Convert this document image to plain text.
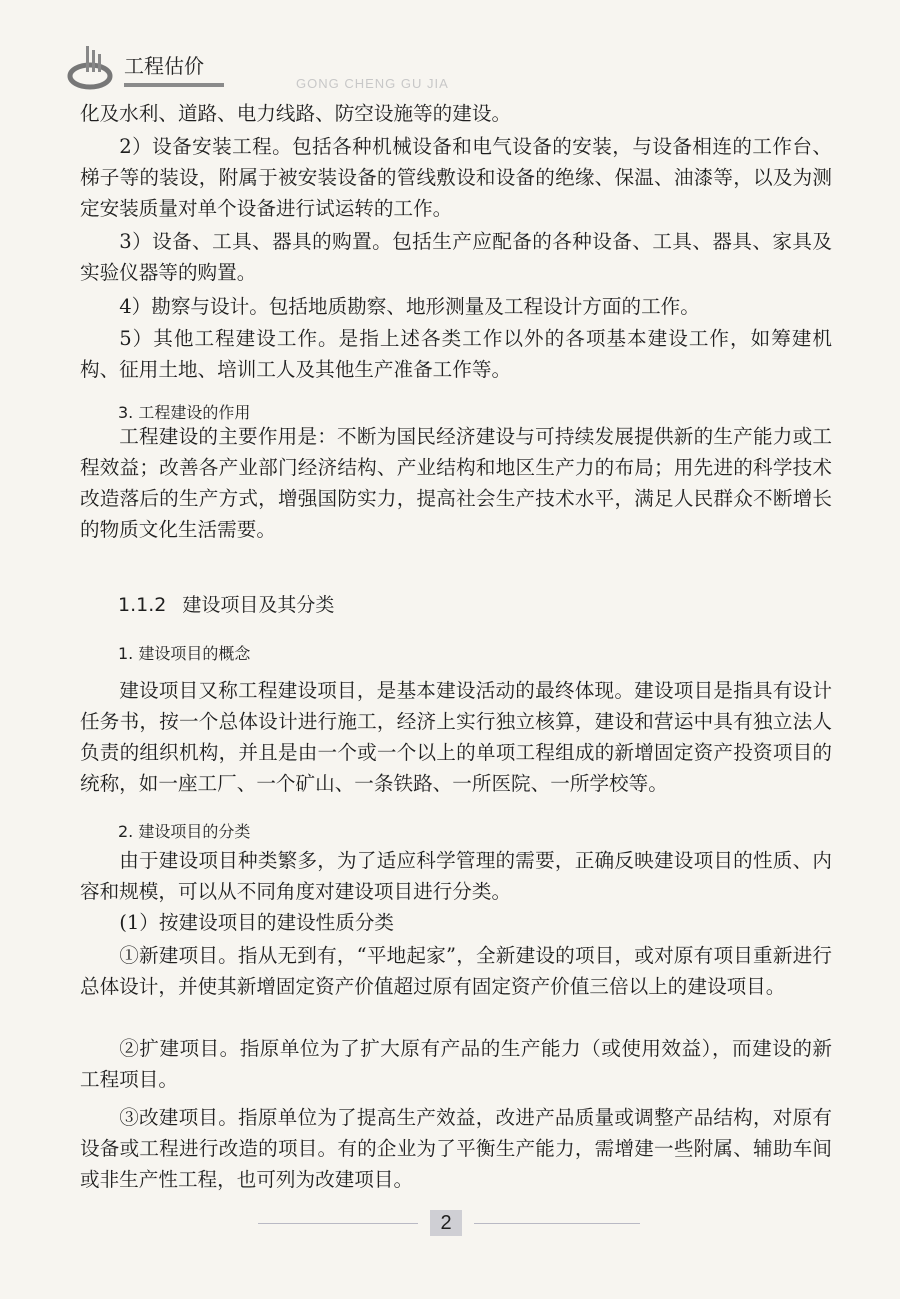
工程估价
GONG CHENG GU JIA

化及水利、道路、电力线路、防空设施等的建设。

2）设备安装工程。包括各种机械设备和电气设备的安装，与设备相连的工作台、梯子等的装设，附属于被安装设备的管线敷设和设备的绝缘、保温、油漆等，以及为测定安装质量对单个设备进行试运转的工作。

3）设备、工具、器具的购置。包括生产应配备的各种设备、工具、器具、家具及实验仪器等的购置。

4）勘察与设计。包括地质勘察、地形测量及工程设计方面的工作。

5）其他工程建设工作。是指上述各类工作以外的各项基本建设工作，如筹建机构、征用土地、培训工人及其他生产准备工作等。

3. 工程建设的作用

工程建设的主要作用是：不断为国民经济建设与可持续发展提供新的生产能力或工程效益；改善各产业部门经济结构、产业结构和地区生产力的布局；用先进的科学技术改造落后的生产方式，增强国防实力，提高社会生产技术水平，满足人民群众不断增长的物质文化生活需要。

1.1.2 建设项目及其分类
1. 建设项目的概念

建设项目又称工程建设项目，是基本建设活动的最终体现。建设项目是指具有设计任务书，按一个总体设计进行施工，经济上实行独立核算，建设和营运中具有独立法人负责的组织机构，并且是由一个或一个以上的单项工程组成的新增固定资产投资项目的统称，如一座工厂、一个矿山、一条铁路、一所医院、一所学校等。

2. 建设项目的分类

由于建设项目种类繁多，为了适应科学管理的需要，正确反映建设项目的性质、内容和规模，可以从不同角度对建设项目进行分类。

(1）按建设项目的建设性质分类

①新建项目。指从无到有，“平地起家”，全新建设的项目，或对原有项目重新进行总体设计，并使其新增固定资产价值超过原有固定资产价值三倍以上的建设项目。

②扩建项目。指原单位为了扩大原有产品的生产能力（或使用效益），而建设的新工程项目。

③改建项目。指原单位为了提高生产效益，改进产品质量或调整产品结构，对原有设备或工程进行改造的项目。有的企业为了平衡生产能力，需增建一些附属、辅助车间或非生产性工程，也可列为改建项目。

2
